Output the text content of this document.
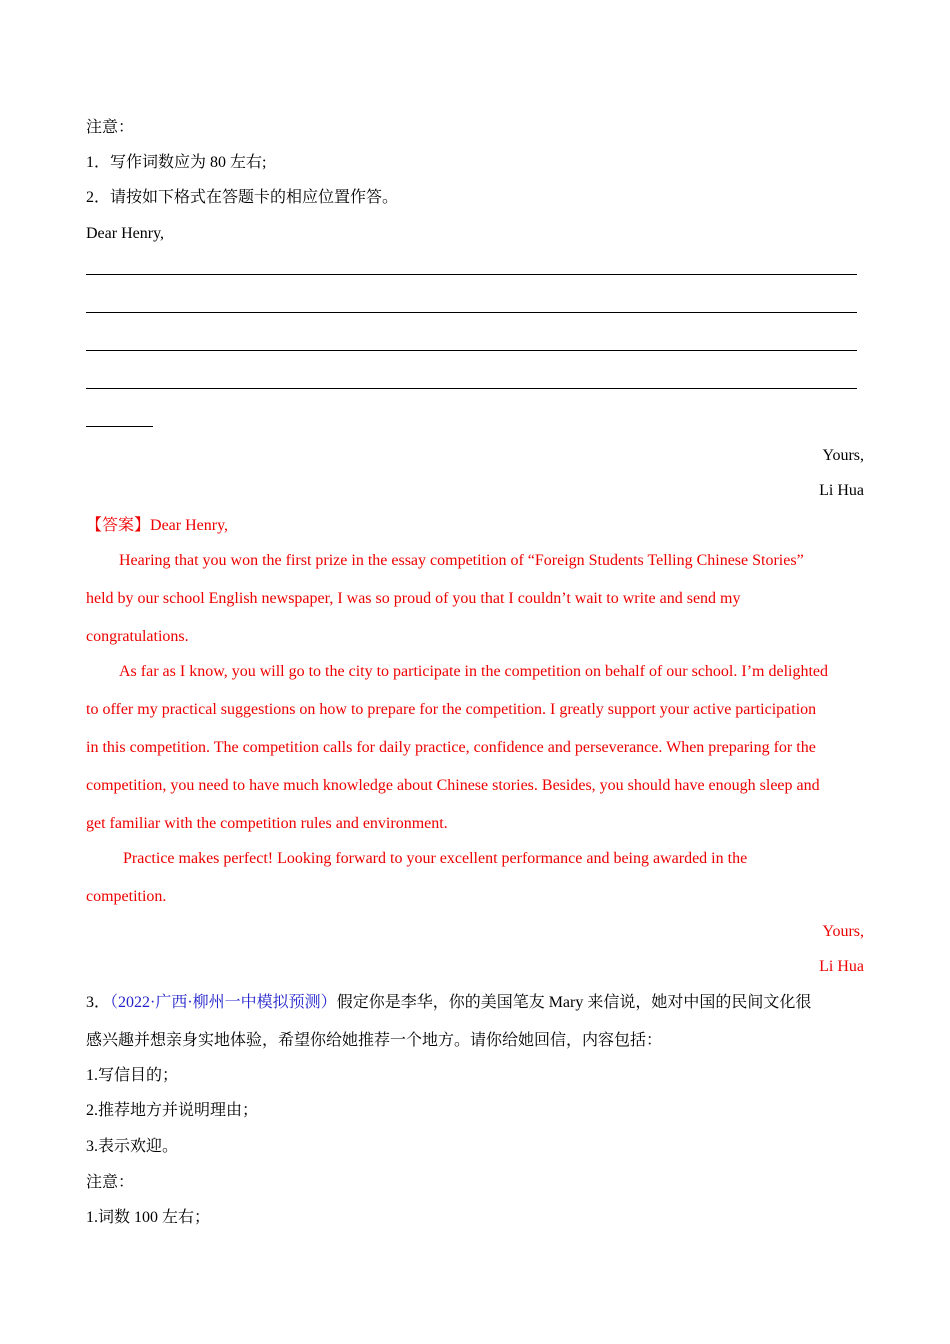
注意：
1．写作词数应为 80 左右;
2．请按如下格式在答题卡的相应位置作答。
Dear Henry,
Yours,
Li Hua
【答案】Dear Henry,
Hearing that you won the first prize in the essay competition of “Foreign Students Telling Chinese Stories”
held by our school English newspaper, I was so proud of you that I couldn’t wait to write and send my
congratulations.
As far as I know, you will go to the city to participate in the competition on behalf of our school. I’m delighted
to offer my practical suggestions on how to prepare for the competition. I greatly support your active participation
in this competition. The competition calls for daily practice, confidence and perseverance. When preparing for the
competition, you need to have much knowledge about Chinese stories. Besides, you should have enough sleep and
get familiar with the competition rules and environment.
Practice makes perfect! Looking forward to your excellent performance and being awarded in the
competition.
Yours,
Li Hua
3．（2022·广西·柳州一中模拟预测）假定你是李华，你的美国笔友 Mary 来信说，她对中国的民间文化很
感兴趣并想亲身实地体验，希望你给她推荐一个地方。请你给她回信，内容包括：
1.写信目的；
2.推荐地方并说明理由；
3.表示欢迎。
注意：
1.词数 100 左右；
